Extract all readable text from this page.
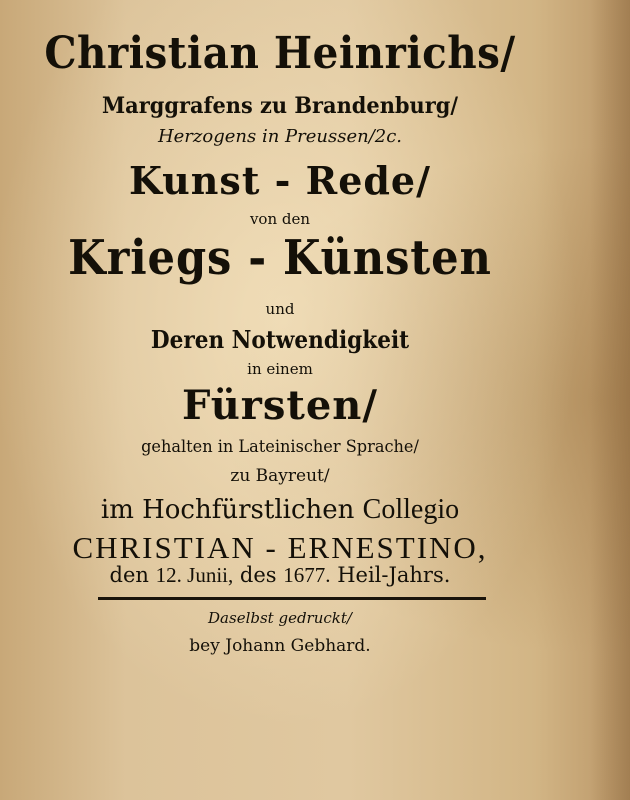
Christian Heinrichs/
Marggrafens zu Brandenburg/
Herzogens in Preussen/2c.
Kunst - Rede/
von den
Kriegs - Künsten
und
Deren Notwendigkeit
in einem
Fürsten/
gehalten in Lateinischer Sprache/
zu Bayreut/
im Hochfürstlichen Collegio
CHRISTIAN - ERNESTINO,
den 12. Junii, des 1677. Heil-Jahrs.
Daselbst gedruckt/
bey Johann Gebhard.
